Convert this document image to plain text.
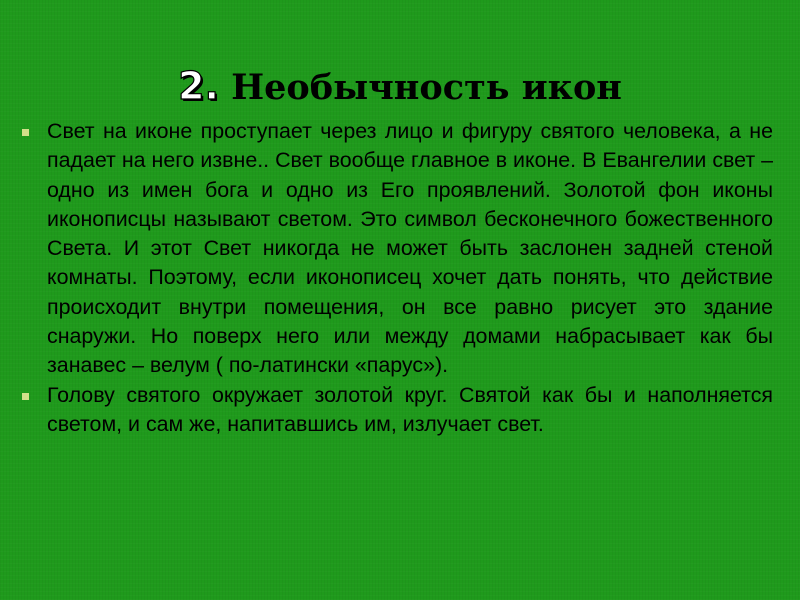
2. Необычность икон
Свет на иконе проступает через лицо и фигуру святого человека, а не падает на него извне.. Свет вообще главное в иконе. В Евангелии свет – одно из имен бога и одно из Его проявлений. Золотой фон иконы иконописцы называют светом. Это символ бесконечного божественного Света. И этот Свет никогда не может быть заслонен задней стеной комнаты. Поэтому, если иконописец хочет дать понять, что действие происходит внутри помещения, он все равно рисует это здание снаружи. Но поверх него или между домами набрасывает как бы занавес – велум ( по-латински «парус»).
Голову святого окружает золотой круг. Святой как бы и наполняется светом, и сам же, напитавшись им, излучает свет.
